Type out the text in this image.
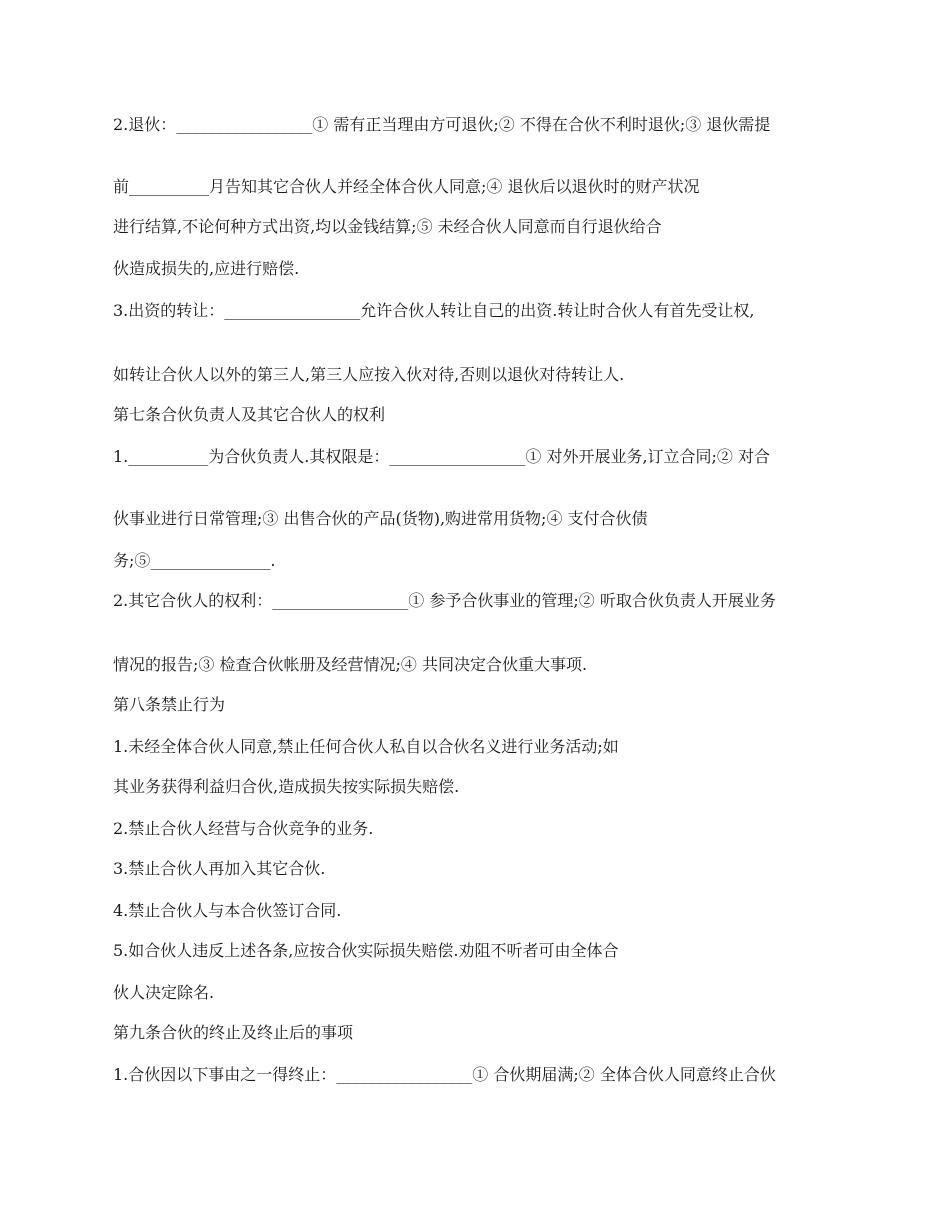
2.退伙：_________________① 需有正当理由方可退伙;② 不得在合伙不利时退伙;③ 退伙需提

前__________月告知其它合伙人并经全体合伙人同意;④ 退伙后以退伙时的财产状况

进行结算,不论何种方式出资,均以金钱结算;⑤ 未经合伙人同意而自行退伙给合

伙造成损失的,应进行赔偿.

3.出资的转让：_________________允许合伙人转让自己的出资.转让时合伙人有首先受让权,

如转让合伙人以外的第三人,第三人应按入伙对待,否则以退伙对待转让人.

第七条合伙负责人及其它合伙人的权利

1.__________为合伙负责人.其权限是：_________________① 对外开展业务,订立合同;② 对合

伙事业进行日常管理;③ 出售合伙的产品(货物),购进常用货物;④ 支付合伙债

务;⑤_______________.

2.其它合伙人的权利：_________________① 参予合伙事业的管理;② 听取合伙负责人开展业务

情况的报告;③ 检查合伙帐册及经营情况;④ 共同决定合伙重大事项.

第八条禁止行为

1.未经全体合伙人同意,禁止任何合伙人私自以合伙名义进行业务活动;如

其业务获得利益归合伙,造成损失按实际损失赔偿.

2.禁止合伙人经营与合伙竞争的业务.

3.禁止合伙人再加入其它合伙.

4.禁止合伙人与本合伙签订合同.

5.如合伙人违反上述各条,应按合伙实际损失赔偿.劝阻不听者可由全体合

伙人决定除名.

第九条合伙的终止及终止后的事项

1.合伙因以下事由之一得终止：_________________① 合伙期届满;② 全体合伙人同意终止合伙
